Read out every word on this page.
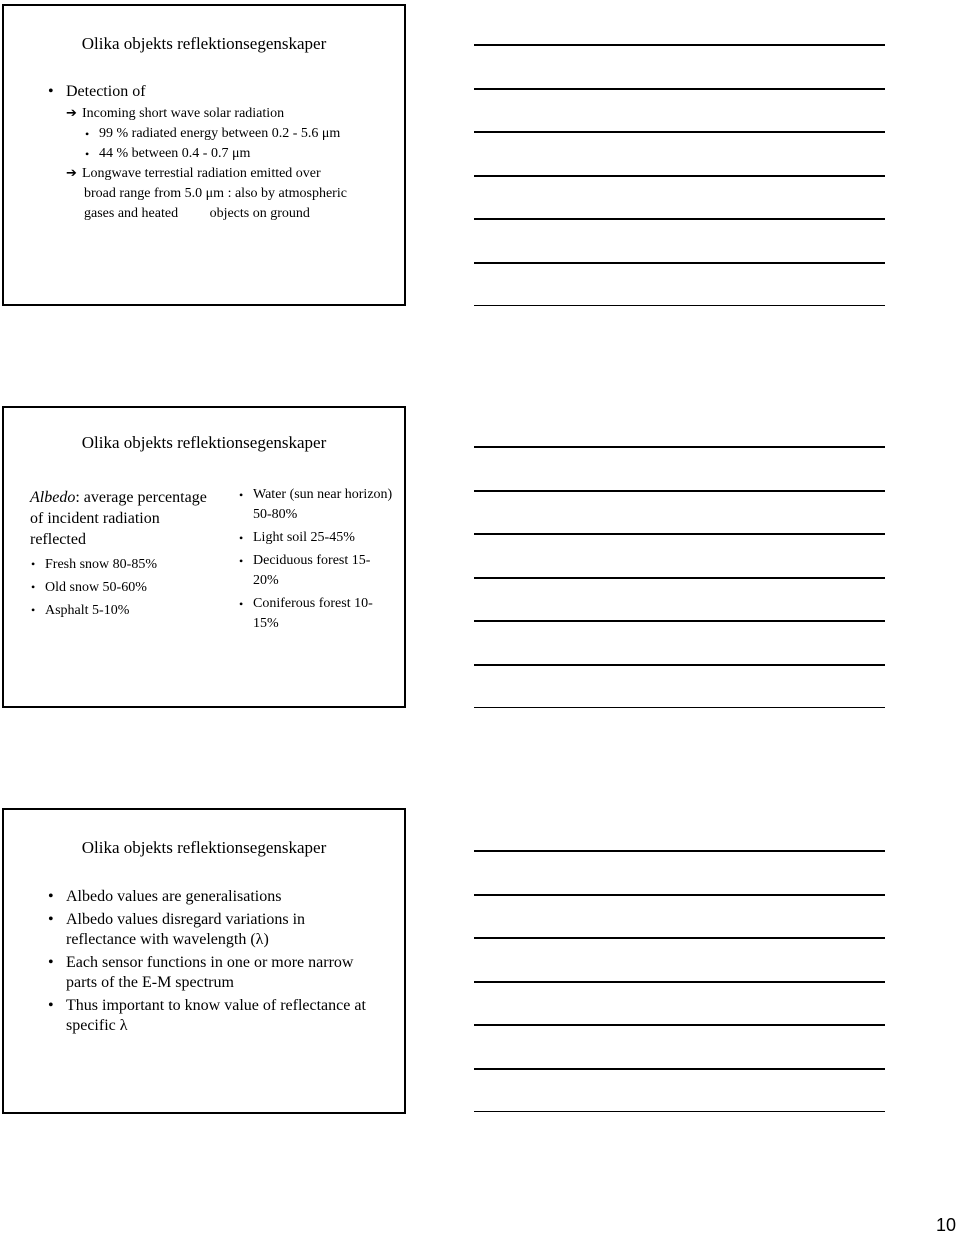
Olika objekts reflektionsegenskaper
• Detection of
➔ Incoming short wave solar radiation
• 99 % radiated energy between 0.2 - 5.6 μm
• 44 % between 0.4 - 0.7 μm
➔ Longwave terrestial radiation emitted over
broad range from 5.0 μm : also by atmospheric
gases and heated         objects on ground
Olika objekts reflektionsegenskaper
Albedo: average percentage of incident radiation reflected
• Fresh snow 80-85%
• Old snow 50-60%
• Asphalt 5-10%
• Water (sun near horizon) 50-80%
• Light soil 25-45%
• Deciduous forest 15-20%
• Coniferous forest 10-15%
Olika objekts reflektionsegenskaper
• Albedo values are generalisations
• Albedo values disregard variations in reflectance with wavelength (λ)
• Each sensor functions in one or more narrow parts of the E-M spectrum
• Thus important to know value of reflectance at specific λ
10
